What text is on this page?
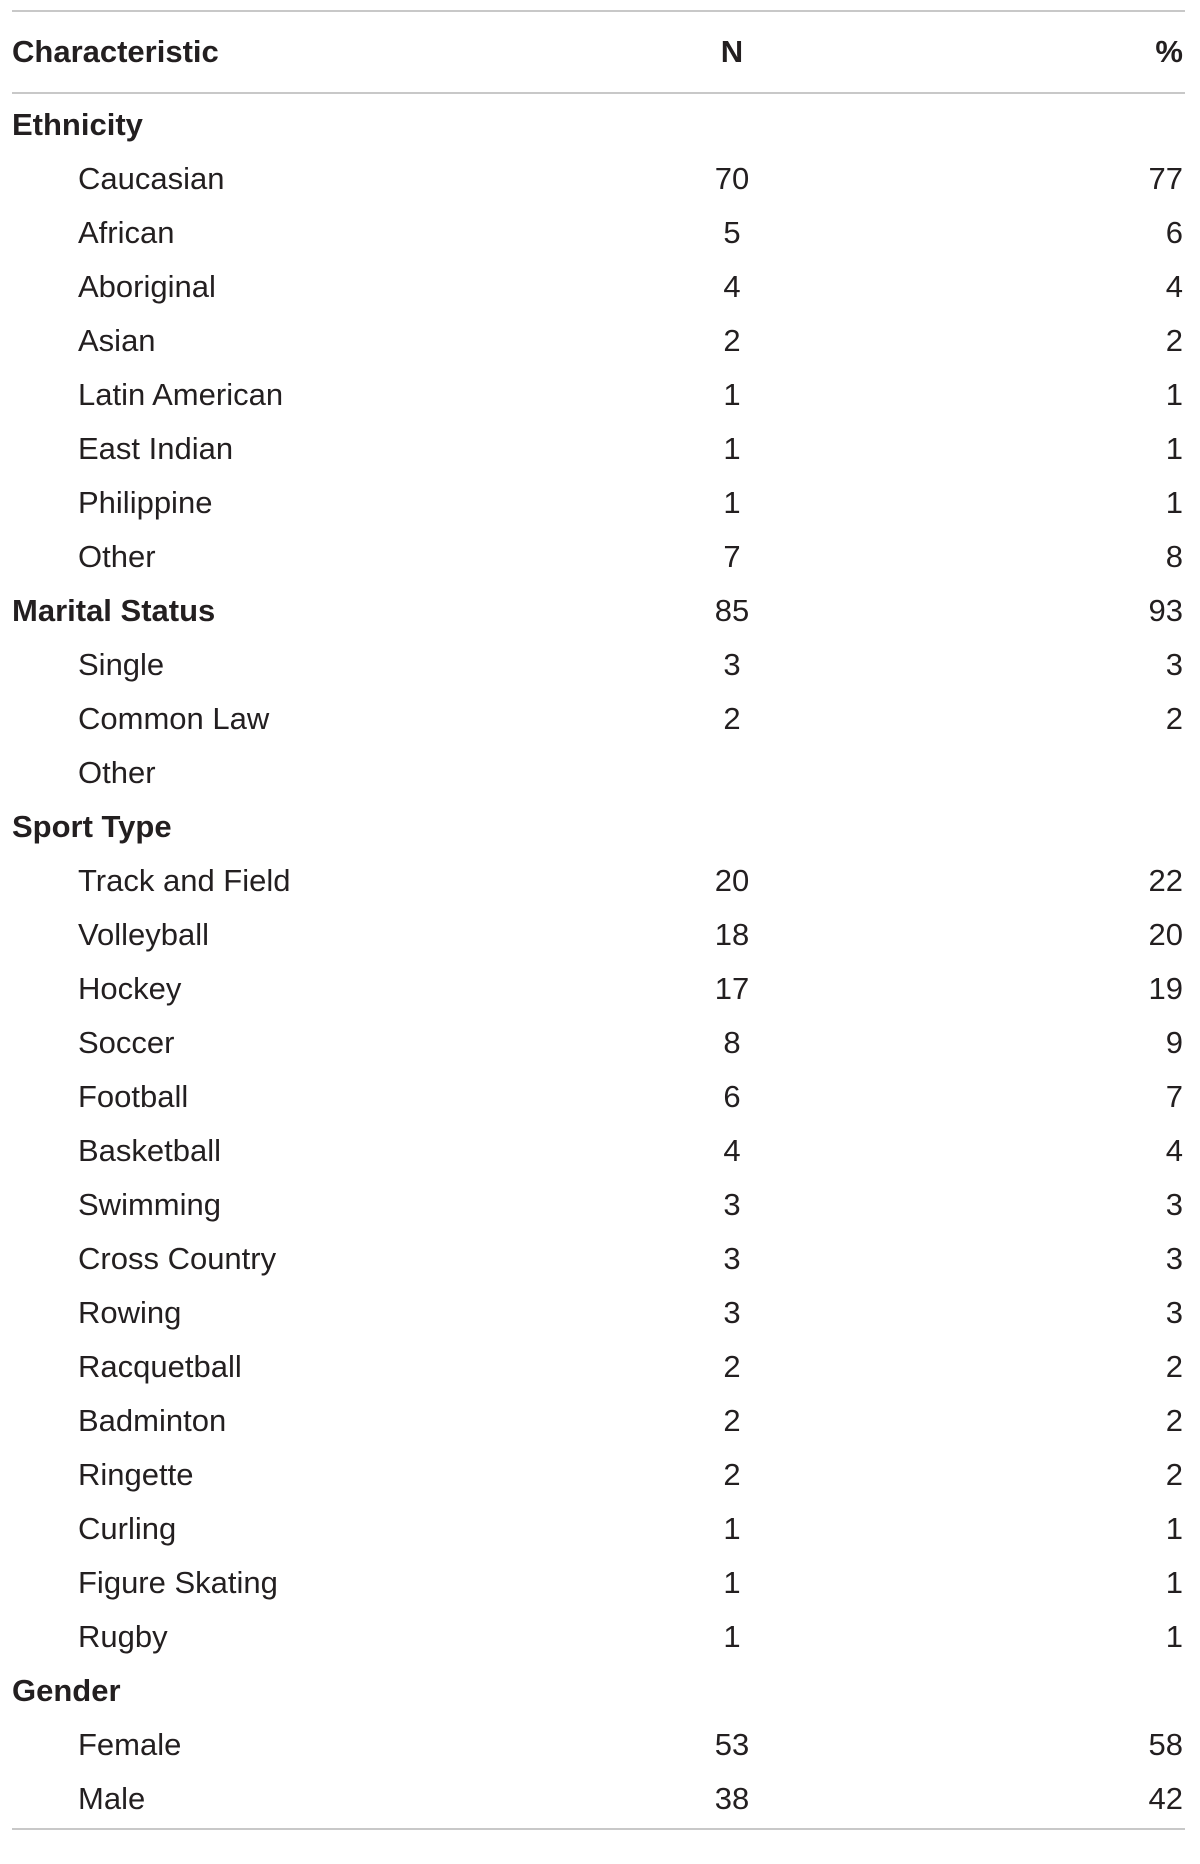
Characteristic	N	%
Ethnicity		
Caucasian	70	77
African	5	6
Aboriginal	4	4
Asian	2	2
Latin American	1	1
East Indian	1	1
Philippine	1	1
Other	7	8
Marital Status	85	93
Single	3	3
Common Law	2	2
Other		
Sport Type		
Track and Field	20	22
Volleyball	18	20
Hockey	17	19
Soccer	8	9
Football	6	7
Basketball	4	4
Swimming	3	3
Cross Country	3	3
Rowing	3	3
Racquetball	2	2
Badminton	2	2
Ringette	2	2
Curling	1	1
Figure Skating	1	1
Rugby	1	1
Gender		
Female	53	58
Male	38	42
